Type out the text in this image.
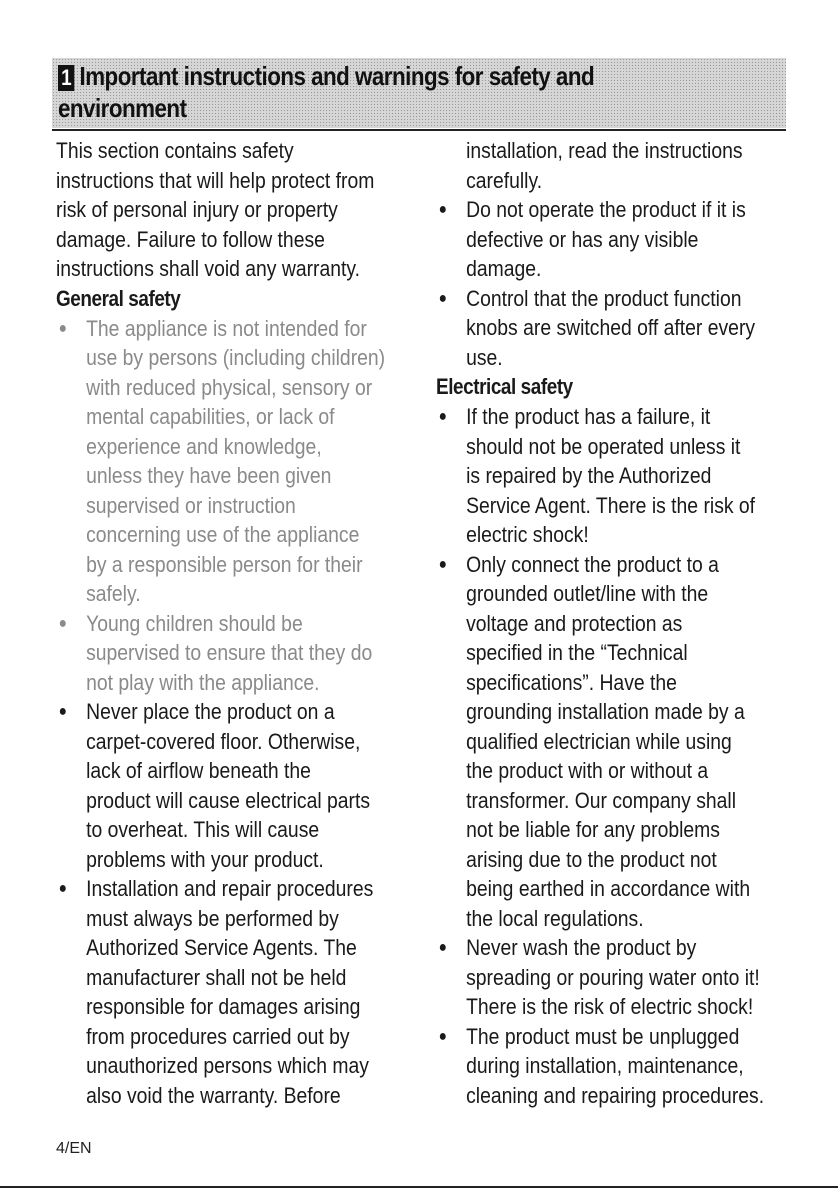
1 Important instructions and warnings for safety and
environment

This section contains safety
instructions that will help protect from
risk of personal injury or property
damage. Failure to follow these
instructions shall void any warranty.

General safety
● The appliance is not intended for
use by persons (including children)
with reduced physical, sensory or
mental capabilities, or lack of
experience and knowledge,
unless they have been given
supervised or instruction
concerning use of the appliance
by a responsible person for their
safely.
● Young children should be
supervised to ensure that they do
not play with the appliance.
● Never place the product on a
carpet-covered floor. Otherwise,
lack of airflow beneath the
product will cause electrical parts
to overheat. This will cause
problems with your product.
● Installation and repair procedures
must always be performed by
Authorized Service Agents. The
manufacturer shall not be held
responsible for damages arising
from procedures carried out by
unauthorized persons which may
also void the warranty. Before

installation, read the instructions
carefully.

● Do not operate the product if it is
defective or has any visible
damage.
● Control that the product function
knobs are switched off after every
use.
Electrical safety
● If the product has a failure, it
should not be operated unless it
is repaired by the Authorized
Service Agent. There is the risk of
electric shock!
● Only connect the product to a
grounded outlet/line with the
voltage and protection as
specified in the “Technical
specifications”. Have the
grounding installation made by a
qualified electrician while using
the product with or without a
transformer. Our company shall
not be liable for any problems
arising due to the product not
being earthed in accordance with
the local regulations.
● Never wash the product by
spreading or pouring water onto it!
There is the risk of electric shock!
● The product must be unplugged
during installation, maintenance,
cleaning and repairing procedures.
4/EN
